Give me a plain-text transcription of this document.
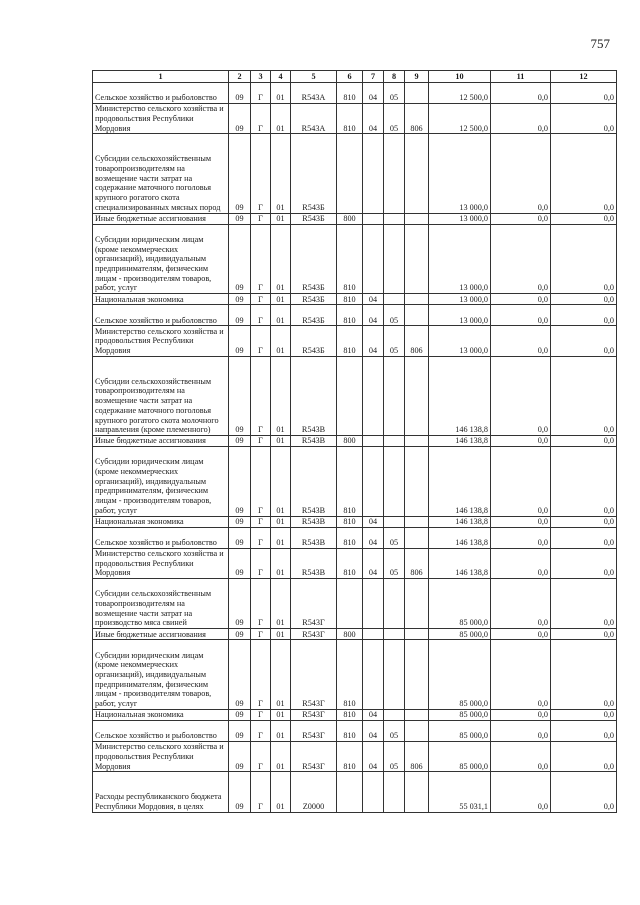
757
1	2	3	4	5	6	7	8	9	10	11	12
Сельское хозяйство и рыболовство	09	Г	01	R543А	810	04	05		12 500,0	0,0	0,0
Министерство сельского хозяйства и продовольствия Республики Мордовия	09	Г	01	R543А	810	04	05	806	12 500,0	0,0	0,0
Субсидии сельскохозяйственным товаропроизводителям на возмещение части затрат на содержание маточного поголовья крупного рогатого скота специализированных мясных пород	09	Г	01	R543Б					13 000,0	0,0	0,0
Иные бюджетные ассигнования	09	Г	01	R543Б	800				13 000,0	0,0	0,0
Субсидии юридическим лицам (кроме некоммерческих организаций), индивидуальным предпринимателям, физическим лицам - производителям товаров, работ, услуг	09	Г	01	R543Б	810				13 000,0	0,0	0,0
Национальная экономика	09	Г	01	R543Б	810	04			13 000,0	0,0	0,0
Сельское хозяйство и рыболовство	09	Г	01	R543Б	810	04	05		13 000,0	0,0	0,0
Министерство сельского хозяйства и продовольствия Республики Мордовия	09	Г	01	R543Б	810	04	05	806	13 000,0	0,0	0,0
Субсидии сельскохозяйственным товаропроизводителям на возмещение части затрат на содержание маточного поголовья крупного рогатого скота молочного направления (кроме племенного)	09	Г	01	R543В					146 138,8	0,0	0,0
Иные бюджетные ассигнования	09	Г	01	R543В	800				146 138,8	0,0	0,0
Субсидии юридическим лицам (кроме некоммерческих организаций), индивидуальным предпринимателям, физическим лицам - производителям товаров, работ, услуг	09	Г	01	R543В	810				146 138,8	0,0	0,0
Национальная экономика	09	Г	01	R543В	810	04			146 138,8	0,0	0,0
Сельское хозяйство и рыболовство	09	Г	01	R543В	810	04	05		146 138,8	0,0	0,0
Министерство сельского хозяйства и продовольствия Республики Мордовия	09	Г	01	R543В	810	04	05	806	146 138,8	0,0	0,0
Субсидии сельскохозяйственным товаропроизводителям на возмещение части затрат на производство мяса свиней	09	Г	01	R543Г					85 000,0	0,0	0,0
Иные бюджетные ассигнования	09	Г	01	R543Г	800				85 000,0	0,0	0,0
Субсидии юридическим лицам (кроме некоммерческих организаций), индивидуальным предпринимателям, физическим лицам - производителям товаров, работ, услуг	09	Г	01	R543Г	810				85 000,0	0,0	0,0
Национальная экономика	09	Г	01	R543Г	810	04			85 000,0	0,0	0,0
Сельское хозяйство и рыболовство	09	Г	01	R543Г	810	04	05		85 000,0	0,0	0,0
Министерство сельского хозяйства и продовольствия Республики Мордовия	09	Г	01	R543Г	810	04	05	806	85 000,0	0,0	0,0
Расходы республиканского бюджета Республики Мордовия, в целях	09	Г	01	Z0000					55 031,1	0,0	0,0
